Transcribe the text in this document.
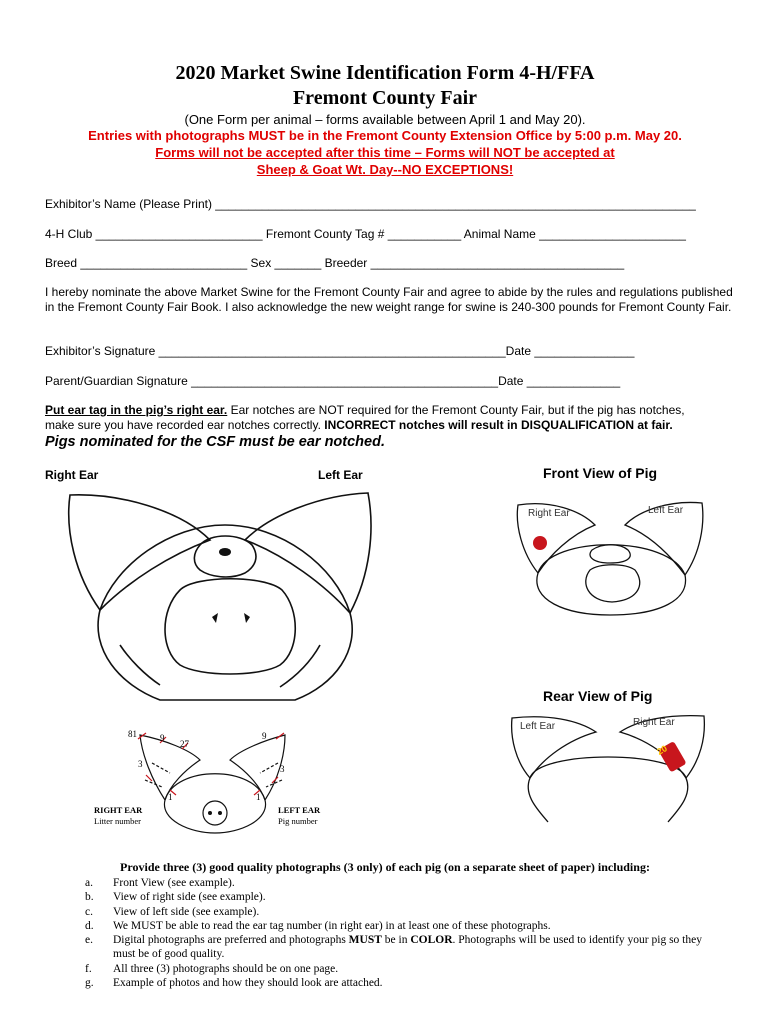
2020 Market Swine Identification Form 4-H/FFA
Fremont County Fair
(One Form per animal – forms available between April 1 and May 20).
Entries with photographs MUST be in the Fremont County Extension Office by 5:00 p.m. May 20.
Forms will not be accepted after this time – Forms will NOT be accepted at
Sheep & Goat Wt. Day--NO EXCEPTIONS!
Exhibitor’s Name (Please Print) ________________________________________________________________________
4-H Club _________________________ Fremont County Tag # ___________ Animal Name ______________________
Breed _________________________ Sex _______ Breeder ______________________________________
I hereby nominate the above Market Swine for the Fremont County Fair and agree to abide by the rules and regulations published in the Fremont County Fair Book. I also acknowledge the new weight range for swine is 240-300 pounds for Fremont County Fair.
Exhibitor’s Signature ____________________________________________________Date _______________
Parent/Guardian Signature ______________________________________________Date ______________
Put ear tag in the pig’s right ear. Ear notches are NOT required for the Fremont County Fair, but if the pig has notches,
make sure you have recorded ear notches correctly. INCORRECT notches will result in DISQUALIFICATION at fair.
Pigs nominated for the CSF must be ear notched.
Right Ear	Left Ear	Front View of Pig
Rear View of Pig
81	9
27
9
3	3
1	1
RIGHT EAR
Litter number
LEFT EAR
Pig number
Right Ear	Left Ear
Left Ear	Right Ear
20
Provide three (3) good quality photographs (3 only) of each pig (on a separate sheet of paper) including:
a. Front View (see example).
b. View of right side (see example).
c. View of left side (see example).
d. We MUST be able to read the ear tag number (in right ear) in at least one of these photographs.
e. Digital photographs are preferred and photographs MUST be in COLOR. Photographs will be used to identify your pig so they must be of good quality.
f. All three (3) photographs should be on one page.
g. Example of photos and how they should look are attached.
